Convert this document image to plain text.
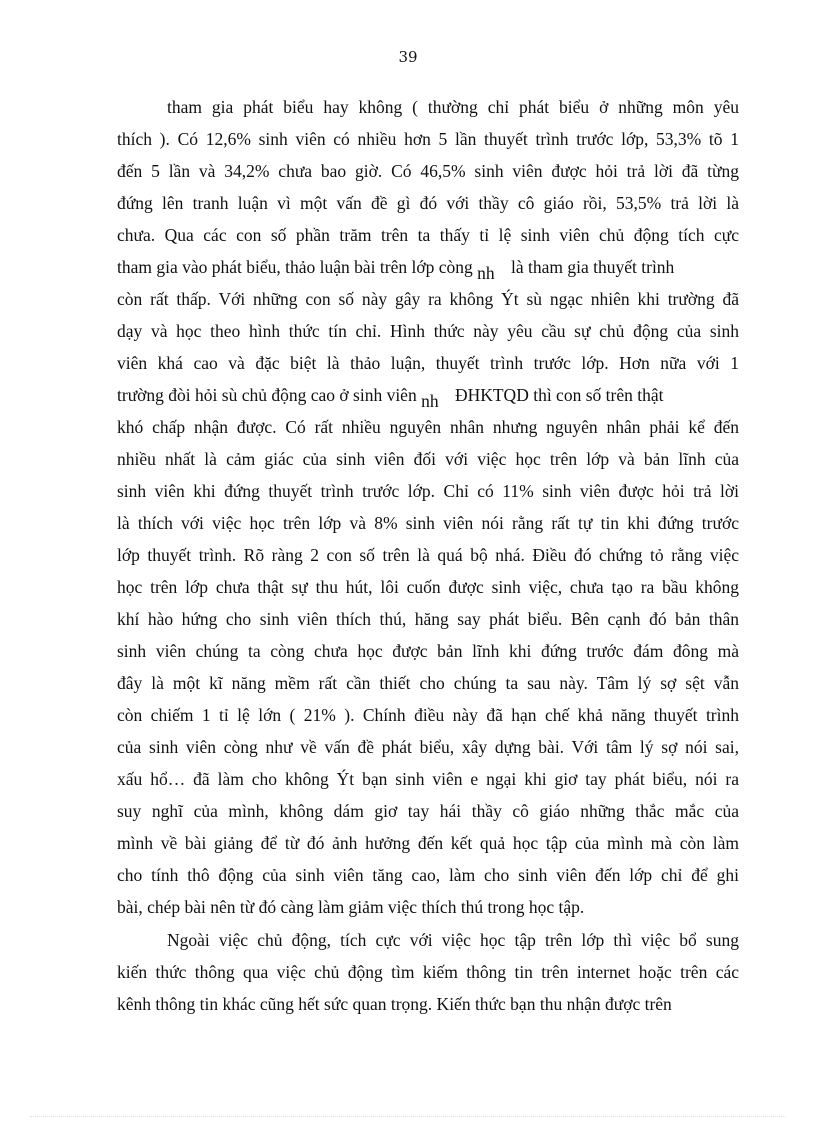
39
tham gia phát biểu hay không ( thường chỉ phát biểu ở những môn yêu
thích ). Có 12,6% sinh viên có nhiều hơn 5 lần thuyết trình trước lớp, 53,3% tõ 1
đến 5 lần và 34,2% chưa bao giờ. Có 46,5% sinh viên được hỏi trả lời đã từng
đứng lên tranh luận vì một vấn đề gì đó với thầy cô giáo rồi, 53,5% trả lời là
chưa. Qua các con số phần trăm trên ta thấy tỉ lệ sinh viên chủ động tích cực
tham gia vào phát biểu, thảo luận bài trên lớp còng nh là tham gia thuyết trình
còn rất thấp. Với những con số này gây ra không Ýt sù ngạc nhiên khi trường đã
dạy và học theo hình thức tín chỉ. Hình thức này yêu cầu sự chủ động của sinh
viên khá cao và đặc biệt là thảo luận, thuyết trình trước lớp. Hơn nữa với 1
trường đòi hỏi sù chủ động cao ở sinh viên nh ĐHKTQD thì con số trên thật
khó chấp nhận được. Có rất nhiều nguyên nhân nhưng nguyên nhân phải kể đến
nhiều nhất là cảm giác của sinh viên đối với việc học trên lớp và bản lĩnh của
sinh viên khi đứng thuyết trình trước lớp. Chỉ có 11% sinh viên được hỏi trả lời
là thích với việc học trên lớp và 8% sinh viên nói rằng rất tự tin khi đứng trước
lớp thuyết trình. Rõ ràng 2 con số trên là quá bộ nhá. Điều đó chứng tỏ rằng việc
học trên lớp chưa thật sự thu hút, lôi cuốn được sinh việc, chưa tạo ra bầu không
khí hào hứng cho sinh viên thích thú, hăng say phát biểu. Bên cạnh đó bản thân
sinh viên chúng ta còng chưa học được bản lĩnh khi đứng trước đám đông mà
đây là một kĩ năng mềm rất cần thiết cho chúng ta sau này. Tâm lý sợ sệt vẫn
còn chiếm 1 tỉ lệ lớn ( 21% ). Chính điều này đã hạn chế khả năng thuyết trình
của sinh viên còng như về vấn đề phát biểu, xây dựng bài. Với tâm lý sợ nói sai,
xấu hổ… đã làm cho không Ýt bạn sinh viên e ngại khi giơ tay phát biểu, nói ra
suy nghĩ của mình, không dám giơ tay hái thầy cô giáo những thắc mắc của
mình về bài giảng để từ đó ảnh hưởng đến kết quả học tập của mình mà còn làm
cho tính thô động của sinh viên tăng cao, làm cho sinh viên đến lớp chỉ để ghi
bài, chép bài nên từ đó càng làm giảm việc thích thú trong học tập.
Ngoài việc chủ động, tích cực với việc học tập trên lớp thì việc bổ sung
kiến thức thông qua việc chủ động tìm kiếm thông tin trên internet hoặc trên các
kênh thông tin khác cũng hết sức quan trọng. Kiến thức bạn thu nhận được trên
